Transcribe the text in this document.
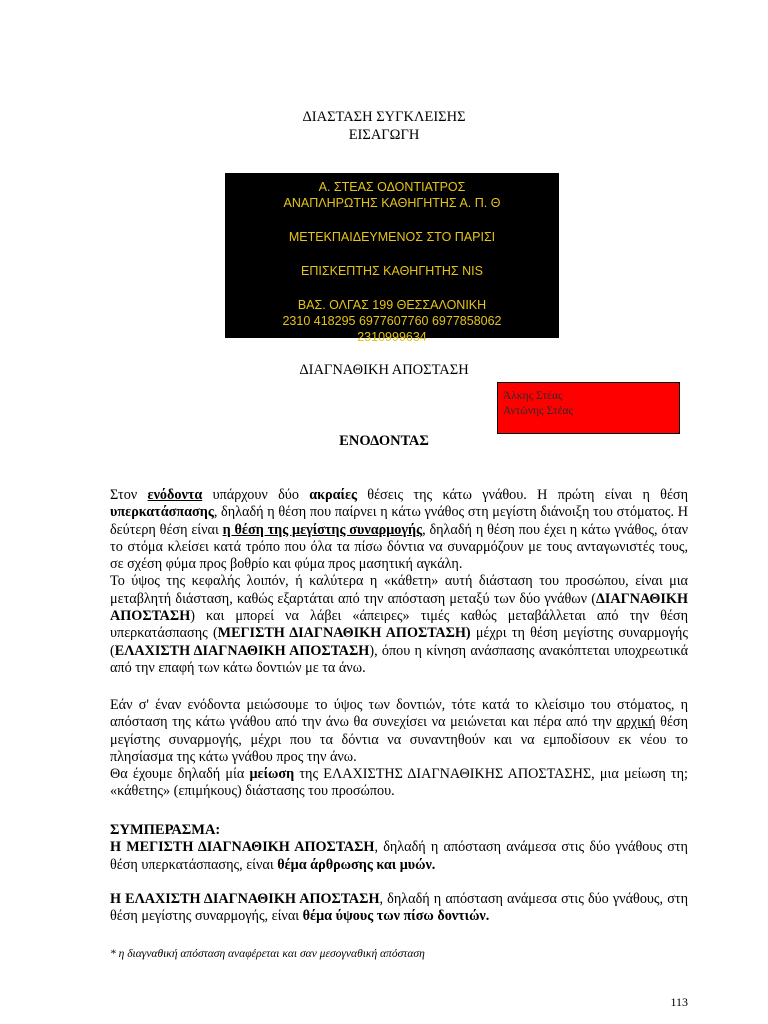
ΔΙΑΣΤΑΣΗ ΣΥΓΚΛΕΙΣΗΣ
ΕΙΣΑΓΩΓΗ
Α. ΣΤΕΑΣ ΟΔΟΝΤΙΑΤΡΟΣ
ΑΝΑΠΛΗΡΩΤΗΣ ΚΑΘΗΓΗΤΗΣ Α. Π. Θ
ΜΕΤΕΚΠΑΙΔΕΥΜΕΝΟΣ ΣΤΟ ΠΑΡΙΣΙ
ΕΠΙΣΚΕΠΤΗΣ ΚΑΘΗΓΗΤΗΣ NIS
ΒΑΣ. ΟΛΓΑΣ 199 ΘΕΣΣΑΛΟΝΙΚΗ
2310 418295 6977607760 6977858062
2310999634
ΔΙΑΓΝΑΘΙΚΗ ΑΠΟΣΤΑΣΗ
Άλκης Στέας
Αντώνης Στέας
ΕΝΟΔΟΝΤΑΣ

Στον ενόδοντα υπάρχουν δύο ακραίες θέσεις της κάτω γνάθου. Η πρώτη είναι η θέση υπερκατάσπασης, δηλαδή η θέση που παίρνει η κάτω γνάθος στη μεγίστη διάνοιξη του στόματος. Η δεύτερη θέση είναι η θέση της μεγίστης συναρμογής, δηλαδή η θέση που έχει η κάτω γνάθος, όταν το στόμα κλείσει κατά τρόπο που όλα τα πίσω δόντια να συναρμόζουν με τους ανταγωνιστές τους, σε σχέση φύμα προς βοθρίο και φύμα προς μασητική αγκάλη.

Το ύψος της κεφαλής λοιπόν, ή καλύτερα η «κάθετη» αυτή διάσταση του προσώπου, είναι μια μεταβλητή διάσταση, καθώς εξαρτάται από την απόσταση μεταξύ των δύο γνάθων (ΔΙΑΓΝΑΘΙΚΗ ΑΠΟΣΤΑΣΗ) και μπορεί να λάβει «άπειρες» τιμές καθώς μεταβάλλεται από την θέση υπερκατάσπασης (ΜΕΓΙΣΤΗ ΔΙΑΓΝΑΘΙΚΗ ΑΠΟΣΤΑΣΗ) μέχρι τη θέση μεγίστης συναρμογής (ΕΛΑΧΙΣΤΗ ΔΙΑΓΝΑΘΙΚΗ ΑΠΟΣΤΑΣΗ), όπου η κίνηση ανάσπασης ανακόπτεται υποχρεωτικά από την επαφή των κάτω δοντιών με τα άνω.

Εάν σ' έναν ενόδοντα μειώσουμε το ύψος των δοντιών, τότε κατά το κλείσιμο του στόματος, η απόσταση της κάτω γνάθου από την άνω θα συνεχίσει να μειώνεται και πέρα από την αρχική θέση μεγίστης συναρμογής, μέχρι που τα δόντια να συναντηθούν και να εμποδίσουν εκ νέου το πλησίασμα της κάτω γνάθου προς την άνω.

Θα έχουμε δηλαδή μία μείωση της ΕΛΑΧΙΣΤΗΣ ΔΙΑΓΝΑΘΙΚΗΣ ΑΠΟΣΤΑΣΗΣ, μια μείωση τη; «κάθετης» (επιμήκους) διάστασης του προσώπου.

ΣΥΜΠΕΡΑΣΜΑ:

Η ΜΕΓΙΣΤΗ ΔΙΑΓΝΑΘΙΚΗ ΑΠΟΣΤΑΣΗ, δηλαδή η απόσταση ανάμεσα στις δύο γνάθους στη θέση υπερκατάσπασης, είναι θέμα άρθρωσης και μυών.

Η ΕΛΑΧΙΣΤΗ ΔΙΑΓΝΑΘΙΚΗ ΑΠΟΣΤΑΣΗ, δηλαδή η απόσταση ανάμεσα στις δύο γνάθους, στη θέση μεγίστης συναρμογής, είναι θέμα ύψους των πίσω δοντιών.

* η διαγναθική απόσταση αναφέρεται και σαν μεσογναθική απόσταση
113
